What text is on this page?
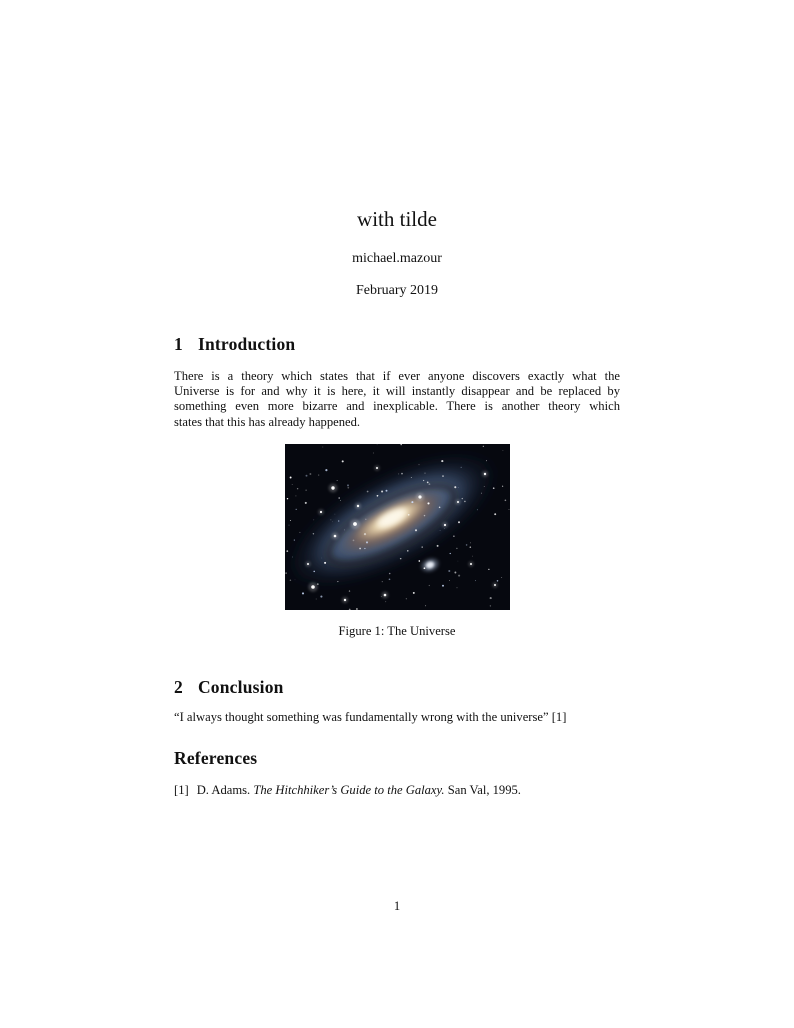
with tilde
michael.mazour
February 2019
1 Introduction
There is a theory which states that if ever anyone discovers exactly what the
Universe is for and why it is here, it will instantly disappear and be replaced by
something even more bizarre and inexplicable. There is another theory which
states that this has already happened.
Figure 1: The Universe
2 Conclusion
“I always thought something was fundamentally wrong with the universe” [1]
References
[1] D. Adams. The Hitchhiker’s Guide to the Galaxy. San Val, 1995.
1
